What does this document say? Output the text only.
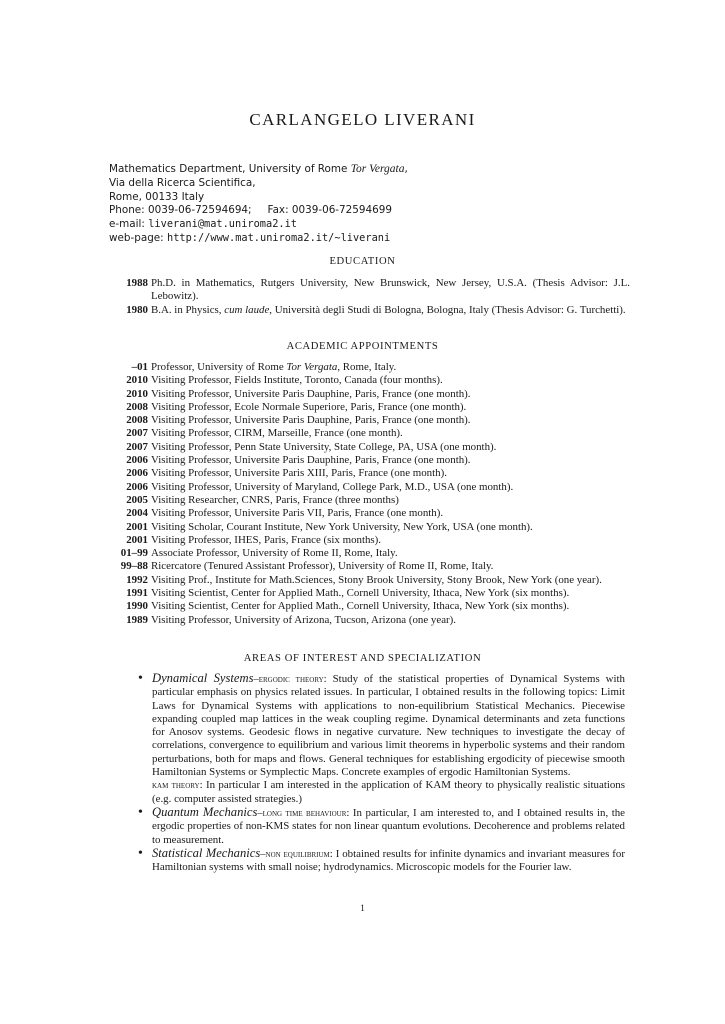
CARLANGELO LIVERANI
Mathematics Department, University of Rome Tor Vergata,
Via della Ricerca Scientifica,
Rome, 00133 Italy
Phone: 0039-06-72594694; Fax: 0039-06-72594699
e-mail: liverani@mat.uniroma2.it
web-page: http://www.mat.uniroma2.it/~liverani
EDUCATION
1988 Ph.D. in Mathematics, Rutgers University, New Brunswick, New Jersey, U.S.A. (Thesis Advisor: J.L. Lebowitz).
1980 B.A. in Physics, cum laude, Università degli Studi di Bologna, Bologna, Italy (Thesis Advisor: G. Turchetti).
ACADEMIC APPOINTMENTS
–01 Professor, University of Rome Tor Vergata, Rome, Italy.
2010 Visiting Professor, Fields Institute, Toronto, Canada (four months).
2010 Visiting Professor, Universite Paris Dauphine, Paris, France (one month).
2008 Visiting Professor, Ecole Normale Superiore, Paris, France (one month).
2008 Visiting Professor, Universite Paris Dauphine, Paris, France (one month).
2007 Visiting Professor, CIRM, Marseille, France (one month).
2007 Visiting Professor, Penn State University, State College, PA, USA (one month).
2006 Visiting Professor, Universite Paris Dauphine, Paris, France (one month).
2006 Visiting Professor, Universite Paris XIII, Paris, France (one month).
2006 Visiting Professor, University of Maryland, College Park, M.D., USA (one month).
2005 Visiting Researcher, CNRS, Paris, France (three months)
2004 Visiting Professor, Universite Paris VII, Paris, France (one month).
2001 Visiting Scholar, Courant Institute, New York University, New York, USA (one month).
2001 Visiting Professor, IHES, Paris, France (six months).
01–99 Associate Professor, University of Rome II, Rome, Italy.
99–88 Ricercatore (Tenured Assistant Professor), University of Rome II, Rome, Italy.
1992 Visiting Prof., Institute for Math.Sciences, Stony Brook University, Stony Brook, New York (one year).
1991 Visiting Scientist, Center for Applied Math., Cornell University, Ithaca, New York (six months).
1990 Visiting Scientist, Center for Applied Math., Cornell University, Ithaca, New York (six months).
1989 Visiting Professor, University of Arizona, Tucson, Arizona (one year).
AREAS OF INTEREST AND SPECIALIZATION
• Dynamical Systems–ergodic theory: Study of the statistical properties of Dynamical Systems with particular emphasis on physics related issues. In particular, I obtained results in the following topics: Limit Laws for Dynamical Systems with applications to non-equilibrium Statistical Mechanics. Piecewise expanding coupled map lattices in the weak coupling regime. Dynamical determinants and zeta functions for Anosov systems. Geodesic flows in negative curvature. New techniques to investigate the decay of correlations, convergence to equilibrium and various limit theorems in hyperbolic systems and their random perturbations, both for maps and flows. General techniques for establishing ergodicity of piecewise smooth Hamiltonian Systems or Symplectic Maps. Concrete examples of ergodic Hamiltonian Systems.
kam theory: In particular I am interested in the application of KAM theory to physically realistic situations (e.g. computer assisted strategies.)
• Quantum Mechanics–long time behaviour: In particular, I am interested to, and I obtained results in, the ergodic properties of non-KMS states for non linear quantum evolutions. Decoherence and problems related to measurement.
• Statistical Mechanics–non equilibrium: I obtained results for infinite dynamics and invariant measures for Hamiltonian systems with small noise; hydrodynamics. Microscopic models for the Fourier law.
1
